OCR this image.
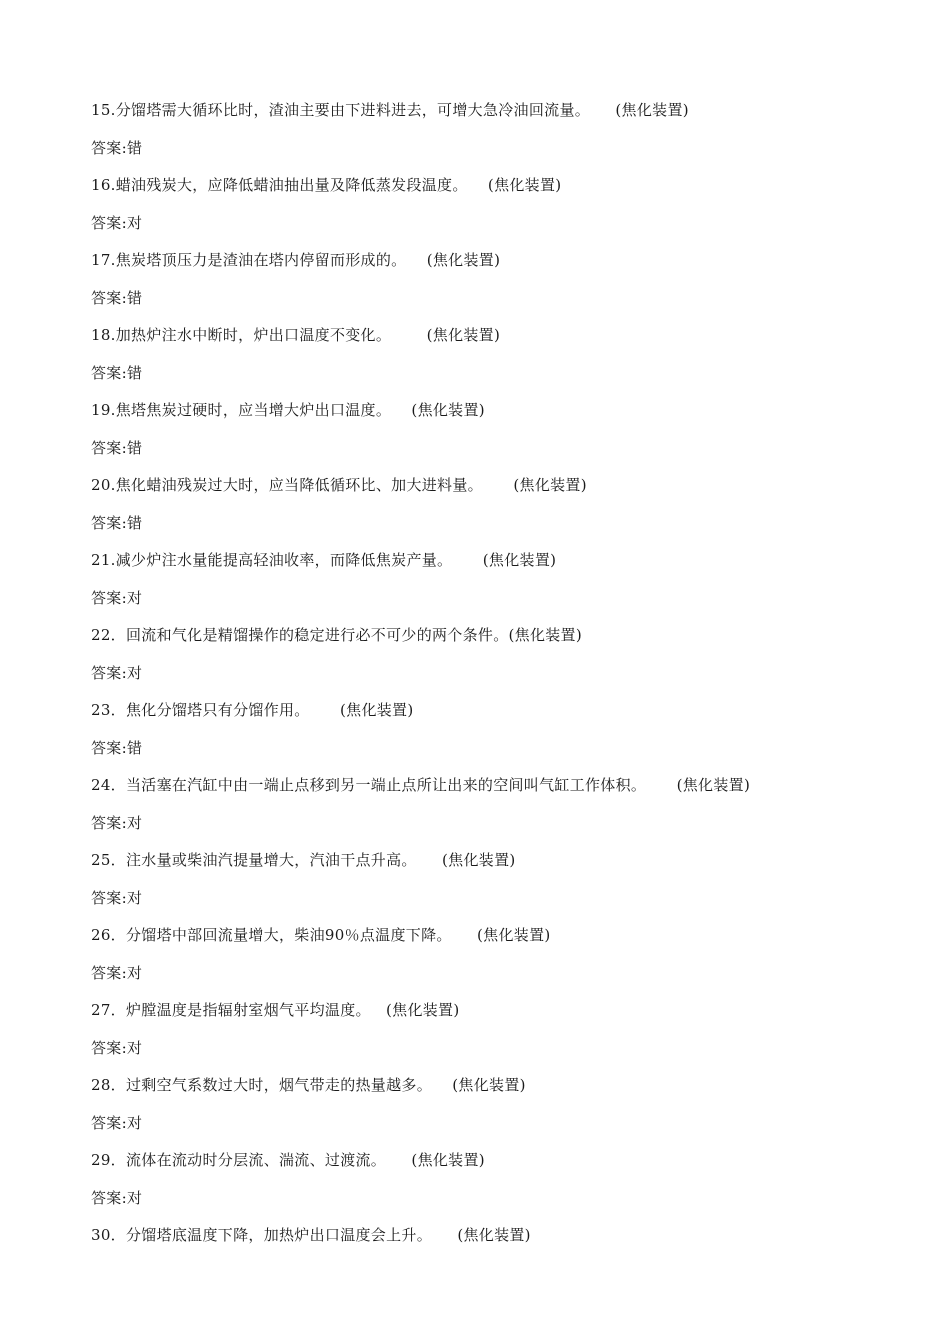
15.分馏塔需大循环比时，渣油主要由下进料进去，可增大急冷油回流量。     (焦化装置)
答案:错
16.蜡油残炭大，应降低蜡油抽出量及降低蒸发段温度。    (焦化装置)
答案:对
17.焦炭塔顶压力是渣油在塔内停留而形成的。    (焦化装置)
答案:错
18.加热炉注水中断时，炉出口温度不变化。       (焦化装置)
答案:错
19.焦塔焦炭过硬时，应当增大炉出口温度。    (焦化装置)
答案:错
20.焦化蜡油残炭过大时，应当降低循环比、加大进料量。      (焦化装置)
答案:错
21.减少炉注水量能提高轻油收率，而降低焦炭产量。      (焦化装置)
答案:对
22．回流和气化是精馏操作的稳定进行必不可少的两个条件。(焦化装置)
答案:对
23．焦化分馏塔只有分馏作用。      (焦化装置)
答案:错
24．当活塞在汽缸中由一端止点移到另一端止点所让出来的空间叫气缸工作体积。      (焦化装置)
答案:对
25．注水量或柴油汽提量增大，汽油干点升高。     (焦化装置)
答案:对
26．分馏塔中部回流量增大，柴油90％点温度下降。     (焦化装置)
答案:对
27．炉膛温度是指辐射室烟气平均温度。   (焦化装置)
答案:对
28．过剩空气系数过大时，烟气带走的热量越多。    (焦化装置)
答案:对
29．流体在流动时分层流、湍流、过渡流。     (焦化装置)
答案:对
30．分馏塔底温度下降，加热炉出口温度会上升。     (焦化装置)
